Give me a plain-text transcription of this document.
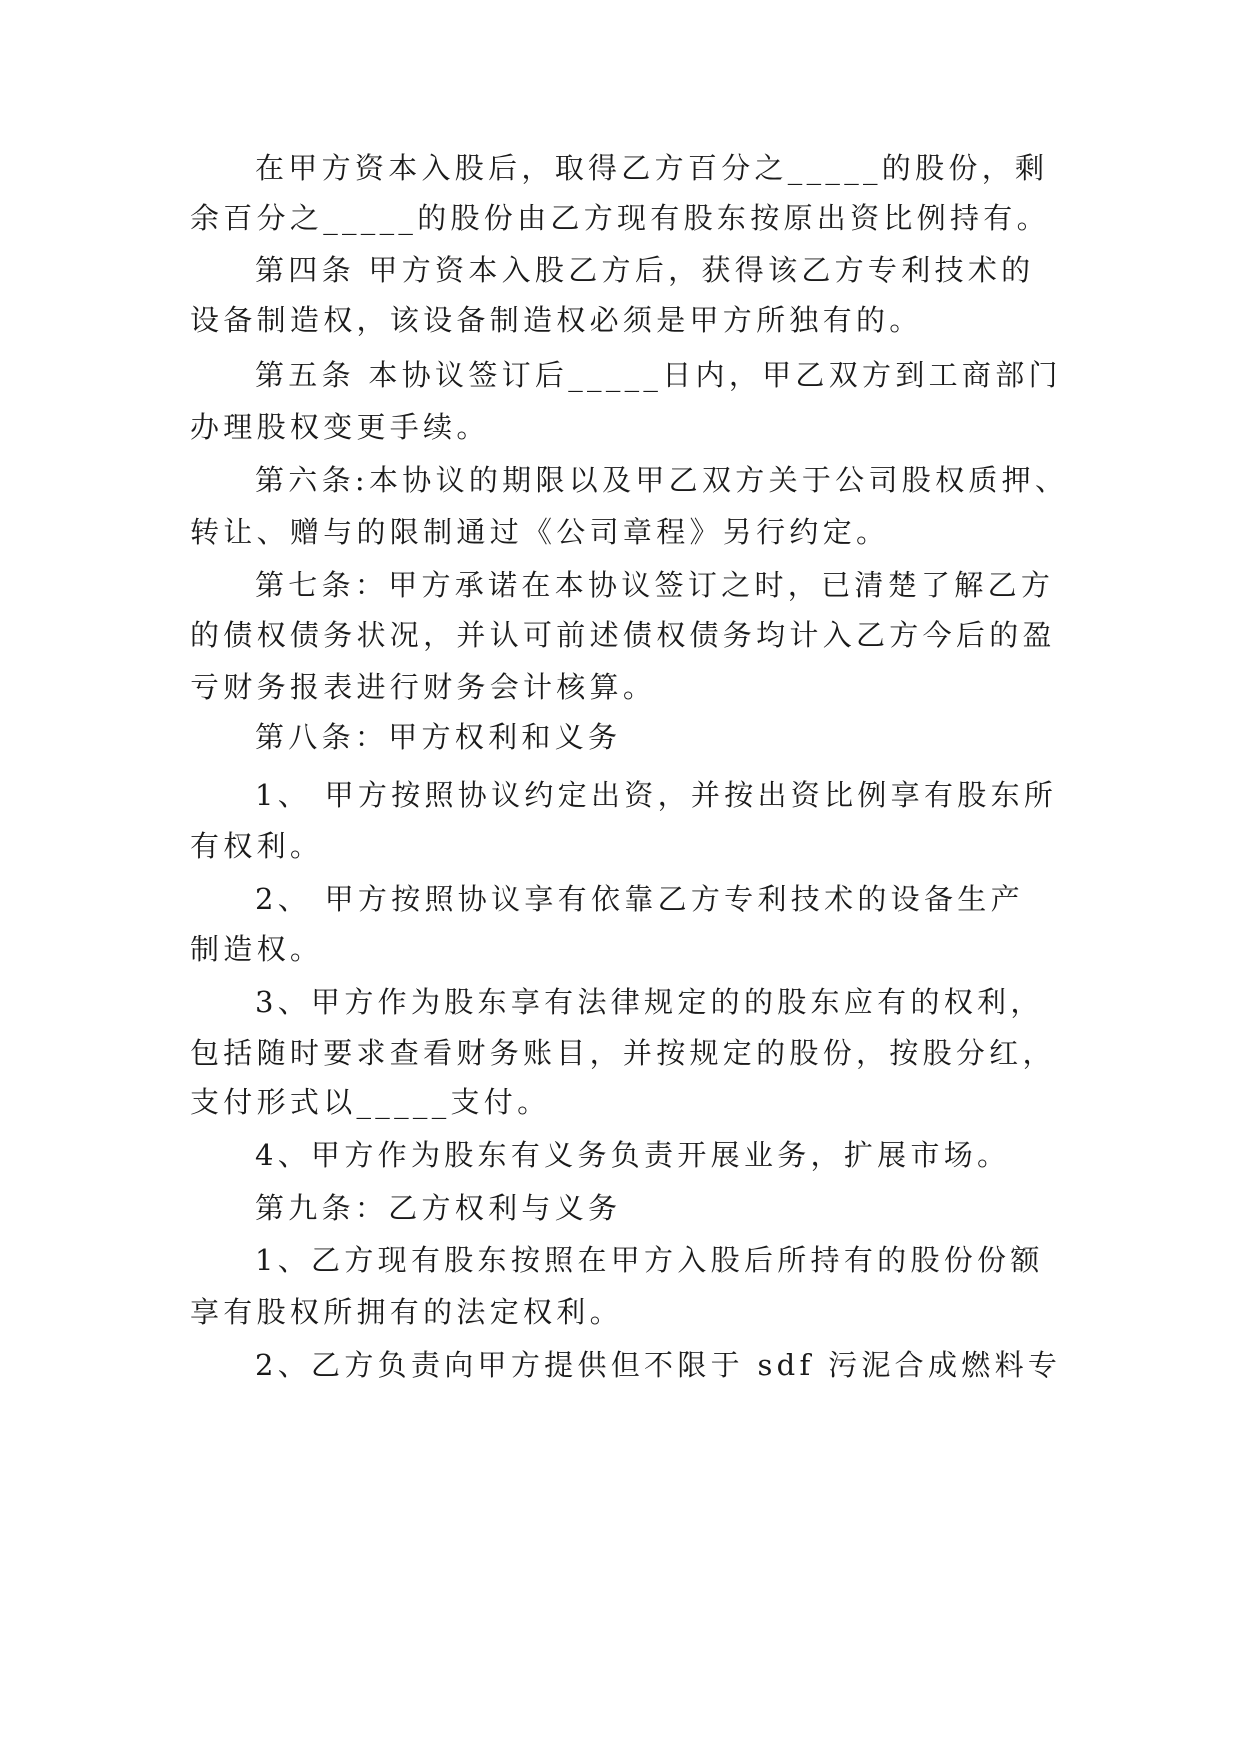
在甲方资本入股后，取得乙方百分之_____的股份，剩
余百分之_____的股份由乙方现有股东按原出资比例持有。
第四条 甲方资本入股乙方后，获得该乙方专利技术的
设备制造权，该设备制造权必须是甲方所独有的。
第五条 本协议签订后_____日内，甲乙双方到工商部门
办理股权变更手续。
第六条:本协议的期限以及甲乙双方关于公司股权质押、
转让、赠与的限制通过《公司章程》另行约定。
第七条：甲方承诺在本协议签订之时，已清楚了解乙方
的债权债务状况，并认可前述债权债务均计入乙方今后的盈
亏财务报表进行财务会计核算。
第八条：甲方权利和义务
1、 甲方按照协议约定出资，并按出资比例享有股东所
有权利。
2、 甲方按照协议享有依靠乙方专利技术的设备生产
制造权。
3、甲方作为股东享有法律规定的的股东应有的权利，
包括随时要求查看财务账目，并按规定的股份，按股分红，
支付形式以_____支付。
4、甲方作为股东有义务负责开展业务，扩展市场。
第九条：乙方权利与义务
1、乙方现有股东按照在甲方入股后所持有的股份份额
享有股权所拥有的法定权利。
2、乙方负责向甲方提供但不限于 sdf 污泥合成燃料专
